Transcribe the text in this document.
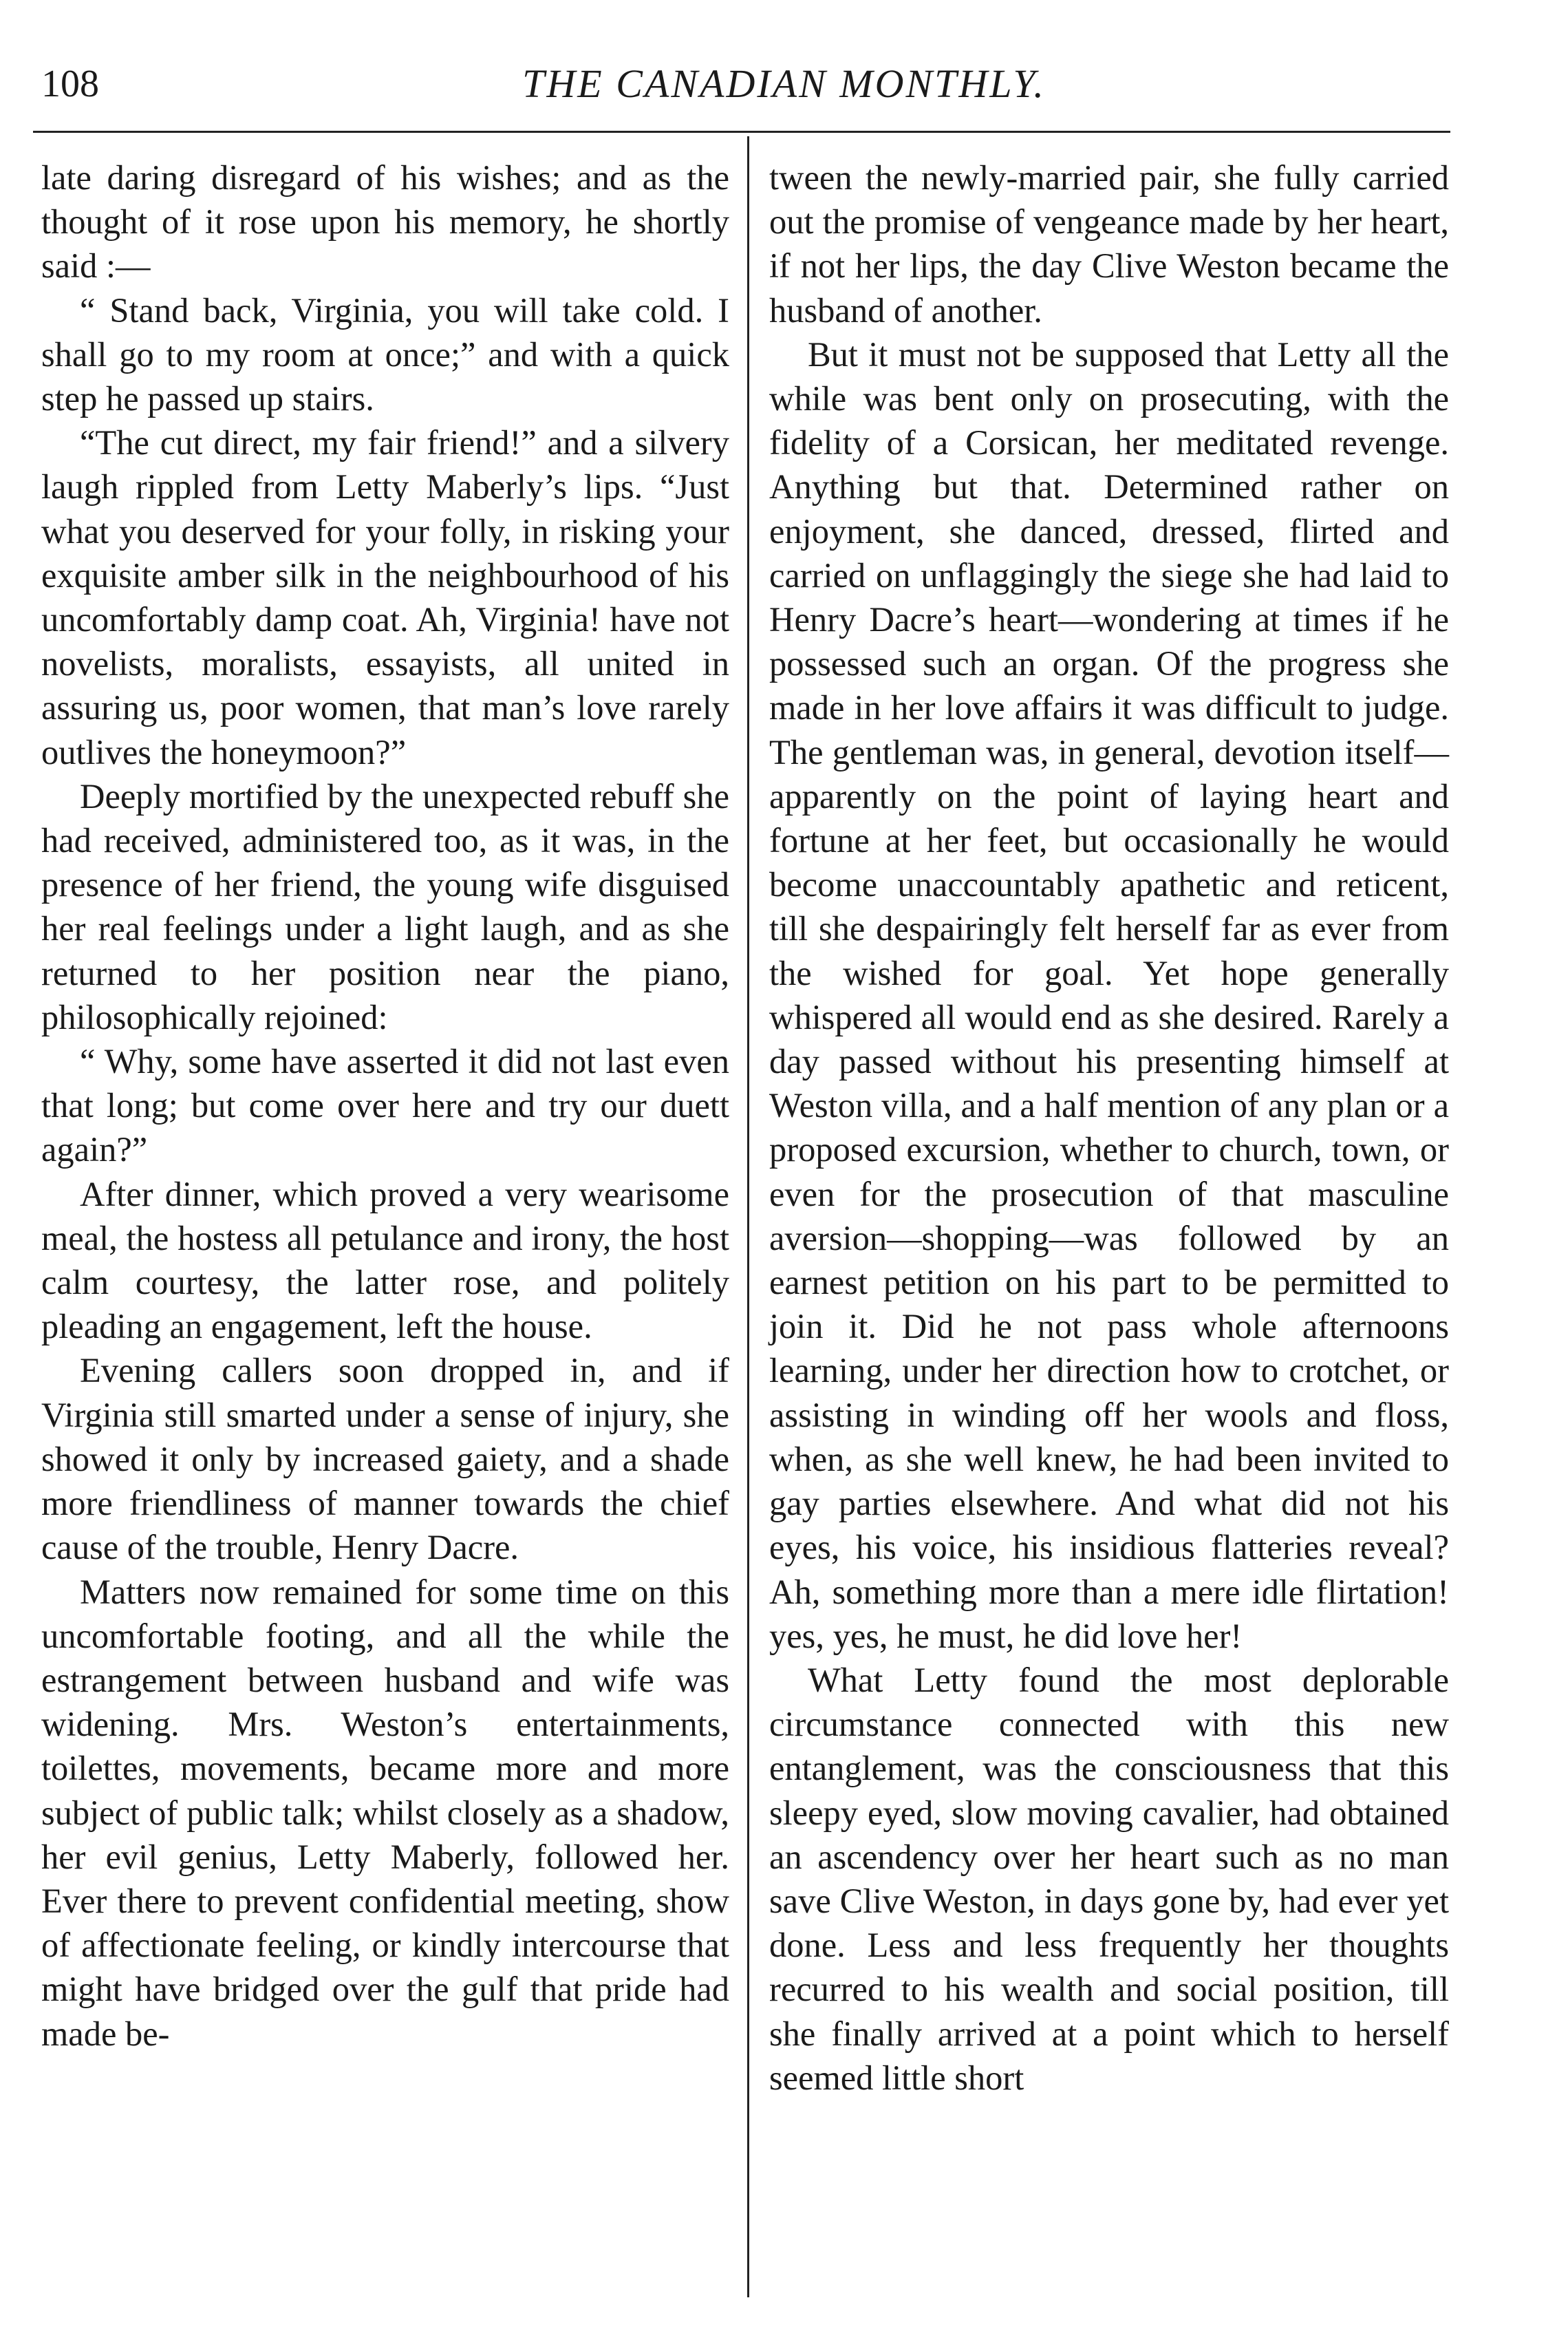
108	THE CANADIAN MONTHLY.

late daring disregard of his wishes; and as the thought of it rose upon his memory, he shortly said :—

“ Stand back, Virginia, you will take cold. I shall go to my room at once;” and with a quick step he passed up stairs.

“The cut direct, my fair friend!” and a silvery laugh rippled from Letty Maberly’s lips. “Just what you deserved for your folly, in risking your exquisite amber silk in the neighbourhood of his uncomfortably damp coat. Ah, Virginia! have not novelists, moralists, essayists, all united in assuring us, poor women, that man’s love rarely outlives the honeymoon?”

Deeply mortified by the unexpected rebuff she had received, administered too, as it was, in the presence of her friend, the young wife disguised her real feelings under a light laugh, and as she returned to her position near the piano, philosophically rejoined:

“ Why, some have asserted it did not last even that long; but come over here and try our duett again?”

After dinner, which proved a very wearisome meal, the hostess all petulance and irony, the host calm courtesy, the latter rose, and politely pleading an engagement, left the house.

Evening callers soon dropped in, and if Virginia still smarted under a sense of injury, she showed it only by increased gaiety, and a shade more friendliness of manner towards the chief cause of the trouble, Henry Dacre.

Matters now remained for some time on this uncomfortable footing, and all the while the estrangement between husband and wife was widening. Mrs. Weston’s entertainments, toilettes, movements, became more and more subject of public talk; whilst closely as a shadow, her evil genius, Letty Maberly, followed her. Ever there to prevent confidential meeting, show of affectionate feeling, or kindly intercourse that might have bridged over the gulf that pride had made be-

tween the newly-married pair, she fully carried out the promise of vengeance made by her heart, if not her lips, the day Clive Weston became the husband of another.

But it must not be supposed that Letty all the while was bent only on prosecuting, with the fidelity of a Corsican, her meditated revenge. Anything but that. Determined rather on enjoyment, she danced, dressed, flirted and carried on unflaggingly the siege she had laid to Henry Dacre’s heart—wondering at times if he possessed such an organ. Of the progress she made in her love affairs it was difficult to judge. The gentleman was, in general, devotion itself—apparently on the point of laying heart and fortune at her feet, but occasionally he would become unaccountably apathetic and reticent, till she despairingly felt herself far as ever from the wished for goal. Yet hope generally whispered all would end as she desired. Rarely a day passed without his presenting himself at Weston villa, and a half mention of any plan or a proposed excursion, whether to church, town, or even for the prosecution of that masculine aversion—shopping—was followed by an earnest petition on his part to be permitted to join it. Did he not pass whole afternoons learning, under her direction how to crotchet, or assisting in winding off her wools and floss, when, as she well knew, he had been invited to gay parties elsewhere. And what did not his eyes, his voice, his insidious flatteries reveal? Ah, something more than a mere idle flirtation! yes, yes, he must, he did love her!

What Letty found the most deplorable circumstance connected with this new entanglement, was the consciousness that this sleepy eyed, slow moving cavalier, had obtained an ascendency over her heart such as no man save Clive Weston, in days gone by, had ever yet done. Less and less frequently her thoughts recurred to his wealth and social position, till she finally arrived at a point which to herself seemed little short
